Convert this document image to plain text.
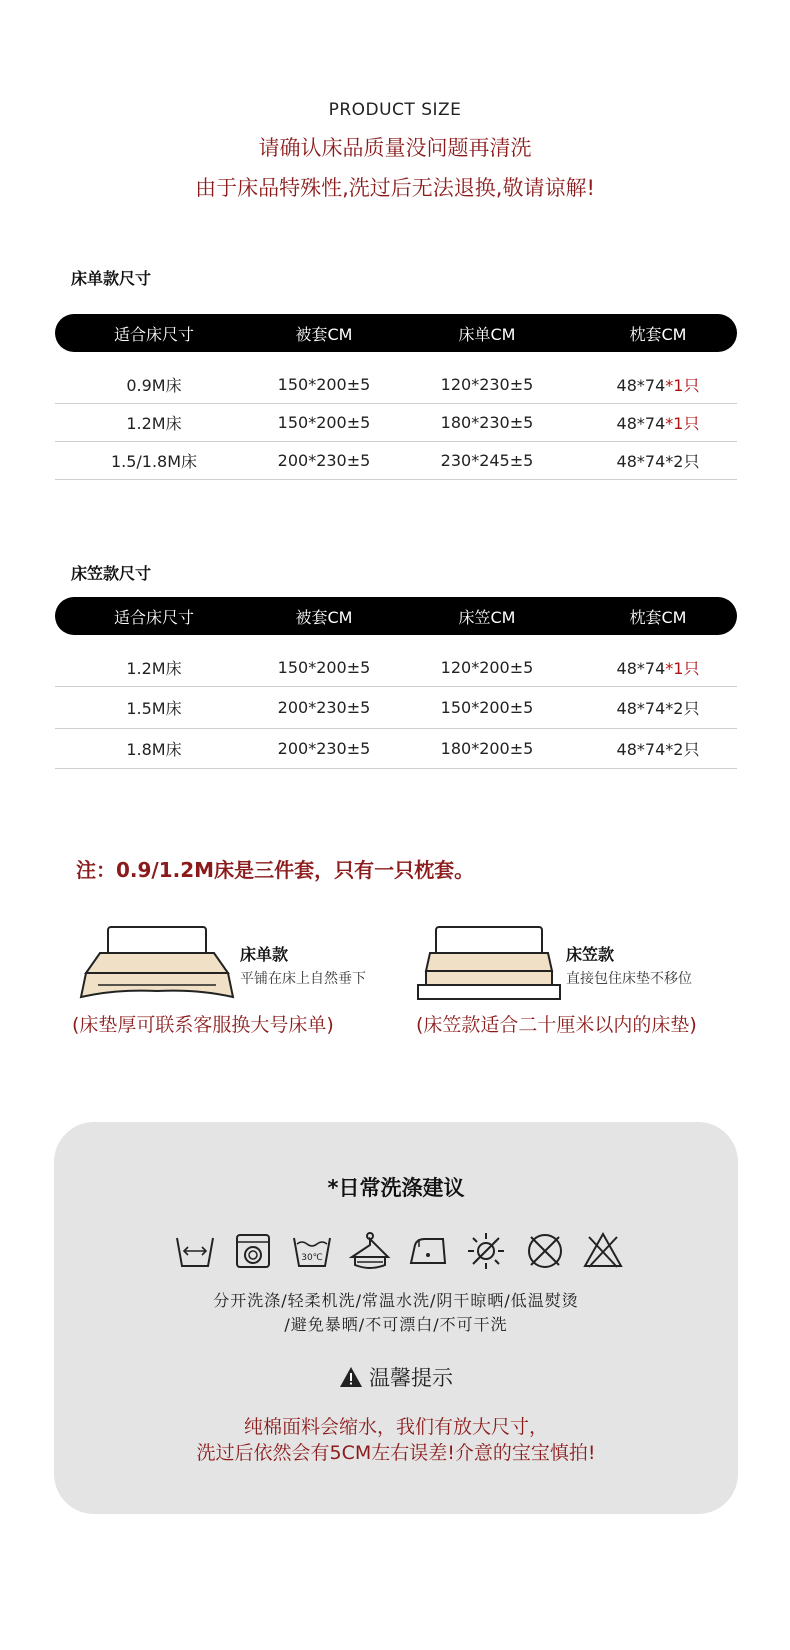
PRODUCT SIZE
请确认床品质量没问题再清洗
由于床品特殊性,洗过后无法退换,敬请谅解!
床单款尺寸
适合床尺寸	被套CM	床单CM	枕套CM
0.9M床	150*200±5	120*230±5	48*74*1只
1.2M床	150*200±5	180*230±5	48*74*1只
1.5/1.8M床	200*230±5	230*245±5	48*74*2只
床笠款尺寸
适合床尺寸	被套CM	床笠CM	枕套CM
1.2M床	150*200±5	120*200±5	48*74*1只
1.5M床	200*230±5	150*200±5	48*74*2只
1.8M床	200*230±5	180*200±5	48*74*2只
注：0.9/1.2M床是三件套，只有一只枕套。
床单款
平铺在床上自然垂下
(床垫厚可联系客服换大号床单)
床笠款
直接包住床垫不移位
(床笠款适合二十厘米以内的床垫)
*日常洗涤建议
30℃
分开洗涤/轻柔机洗/常温水洗/阴干晾晒/低温熨烫
/避免暴晒/不可漂白/不可干洗
温馨提示
纯棉面料会缩水，我们有放大尺寸，
洗过后依然会有5CM左右误差!介意的宝宝慎拍!
